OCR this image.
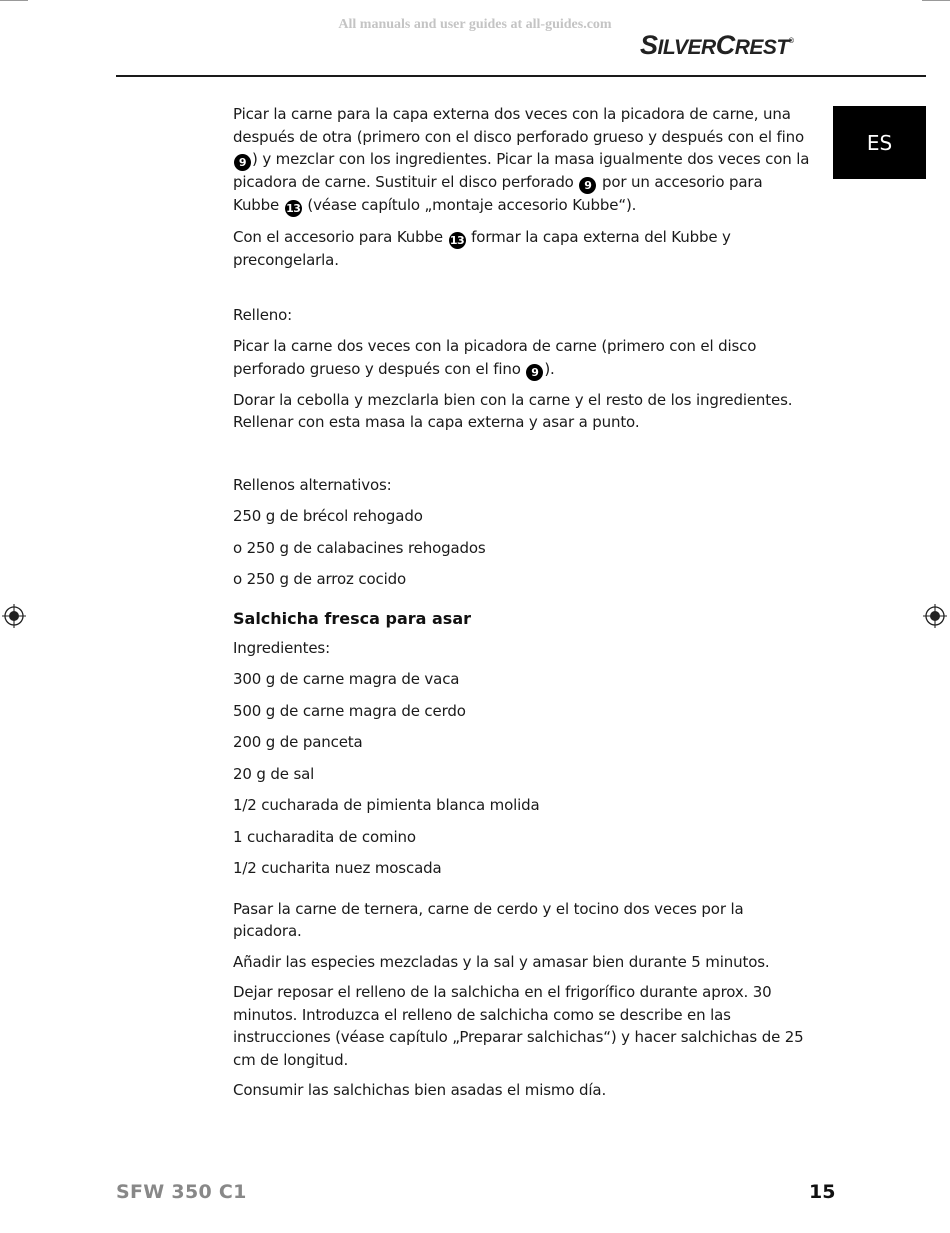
All manuals and user guides at all-guides.com
SILVERCREST®
ES

Picar la carne para la capa externa dos veces con la picadora de carne, una después de otra (primero con el disco perforado grueso y después con el fino 9 ) y mezclar con los ingredientes. Picar la masa igualmente dos veces con la picadora de carne. Sustituir el disco perforado 9 por un accesorio para Kubbe 13 (véase capítulo „montaje accesorio Kubbe“).

Con el accesorio para Kubbe 13 formar la capa externa del Kubbe y precongelarla.

Relleno:

Picar la carne dos veces con la picadora de carne (primero con el disco perforado grueso y después con el fino 9 ).

Dorar la cebolla y mezclarla bien con la carne y el resto de los ingredientes. Rellenar con esta masa la capa externa y asar a punto.

Rellenos alternativos:

250 g de brécol rehogado

o 250 g de calabacines rehogados

o 250 g de arroz cocido

Salchicha fresca para asar

Ingredientes:

300 g de carne magra de vaca

500 g de carne magra de cerdo

200 g de panceta

20 g de sal

1/2 cucharada de pimienta blanca molida

1 cucharadita de comino

1/2 cucharita nuez moscada

Pasar la carne de ternera, carne de cerdo y el tocino dos veces por la picadora.

Añadir las especies mezcladas y la sal y amasar bien durante 5 minutos.

Dejar reposar el relleno de la salchicha en el frigorífico durante aprox. 30 minutos. Introduzca el relleno de salchicha como se describe en las instrucciones (véase capítulo „Preparar salchichas“) y hacer salchichas de 25 cm de longitud.

Consumir las salchichas bien asadas el mismo día.

SFW 350 C1	15
